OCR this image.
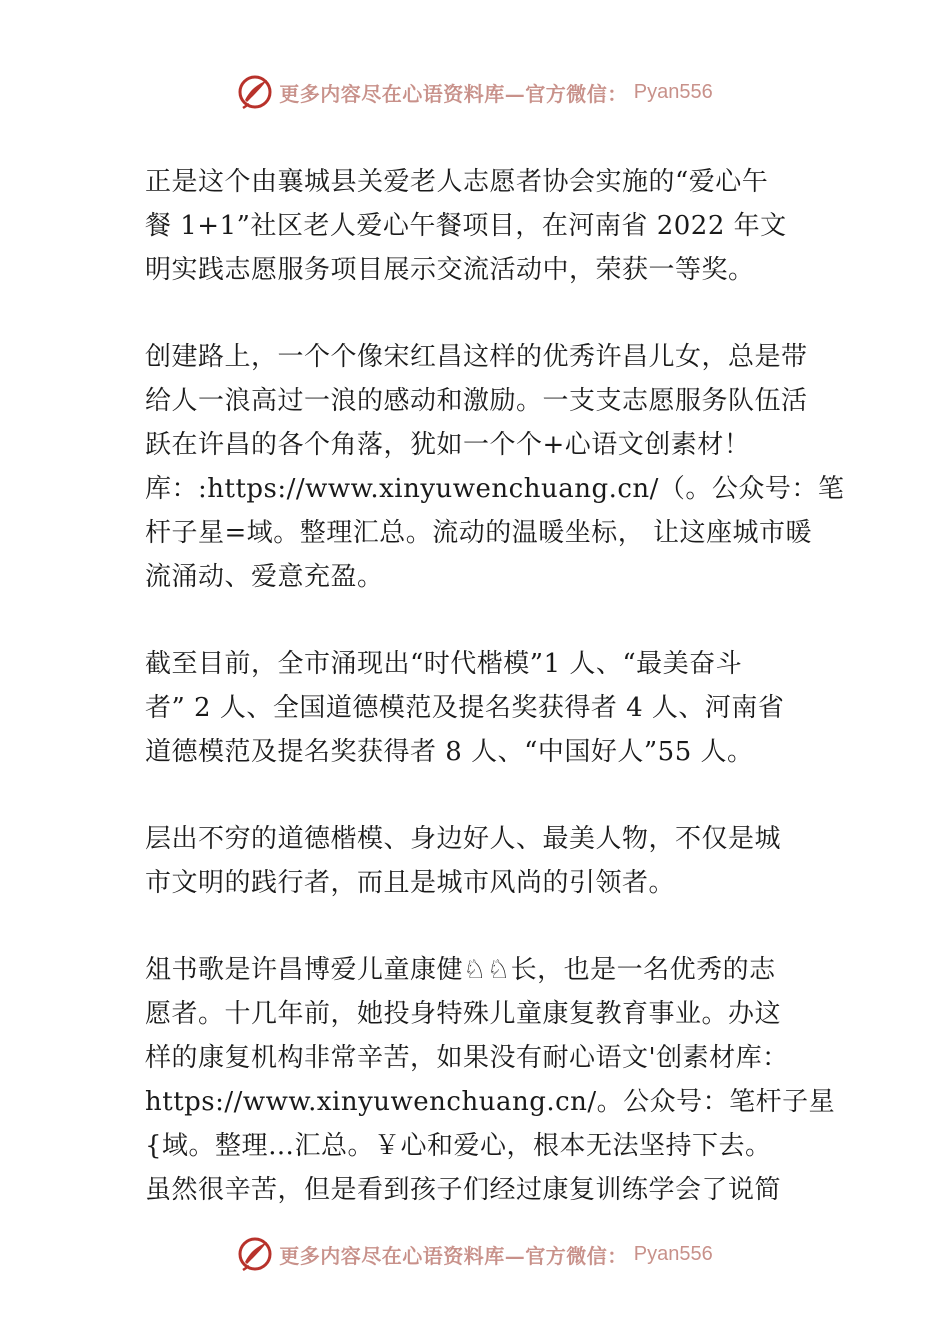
更多内容尽在心语资料库—官方微信： Pyan556
正是这个由襄城县关爱老人志愿者协会实施的“爱心午
餐 1+1”社区老人爱心午餐项目，在河南省 2022 年文
明实践志愿服务项目展示交流活动中，荣获一等奖。
创建路上，一个个像宋红昌这样的优秀许昌儿女，总是带
给人一浪高过一浪的感动和激励。一支支志愿服务队伍活
跃在许昌的各个角落，犹如一个个+心语文创素材！
库：:https://www.xinyuwenchuang.cn/（。公众号：笔
杆子星=域。整理汇总。流动的温暖坐标， 让这座城市暖
流涌动、爱意充盈。
截至目前，全市涌现出“时代楷模”1 人、“最美奋斗
者” 2 人、全国道德模范及提名奖获得者 4 人、河南省
道德模范及提名奖获得者 8 人、“中国好人”55 人。
层出不穷的道德楷模、身边好人、最美人物，不仅是城
市文明的践行者，而且是城市风尚的引领者。
俎书歌是许昌博爱儿童康健♘♘长，也是一名优秀的志
愿者。十几年前，她投身特殊儿童康复教育事业。办这
样的康复机构非常辛苦，如果没有耐心语文'创素材库：
https://www.xinyuwenchuang.cn/。公众号：笔杆子星
{域。整理…汇总。￥心和爱心，根本无法坚持下去。
虽然很辛苦，但是看到孩子们经过康复训练学会了说简
更多内容尽在心语资料库—官方微信： Pyan556
